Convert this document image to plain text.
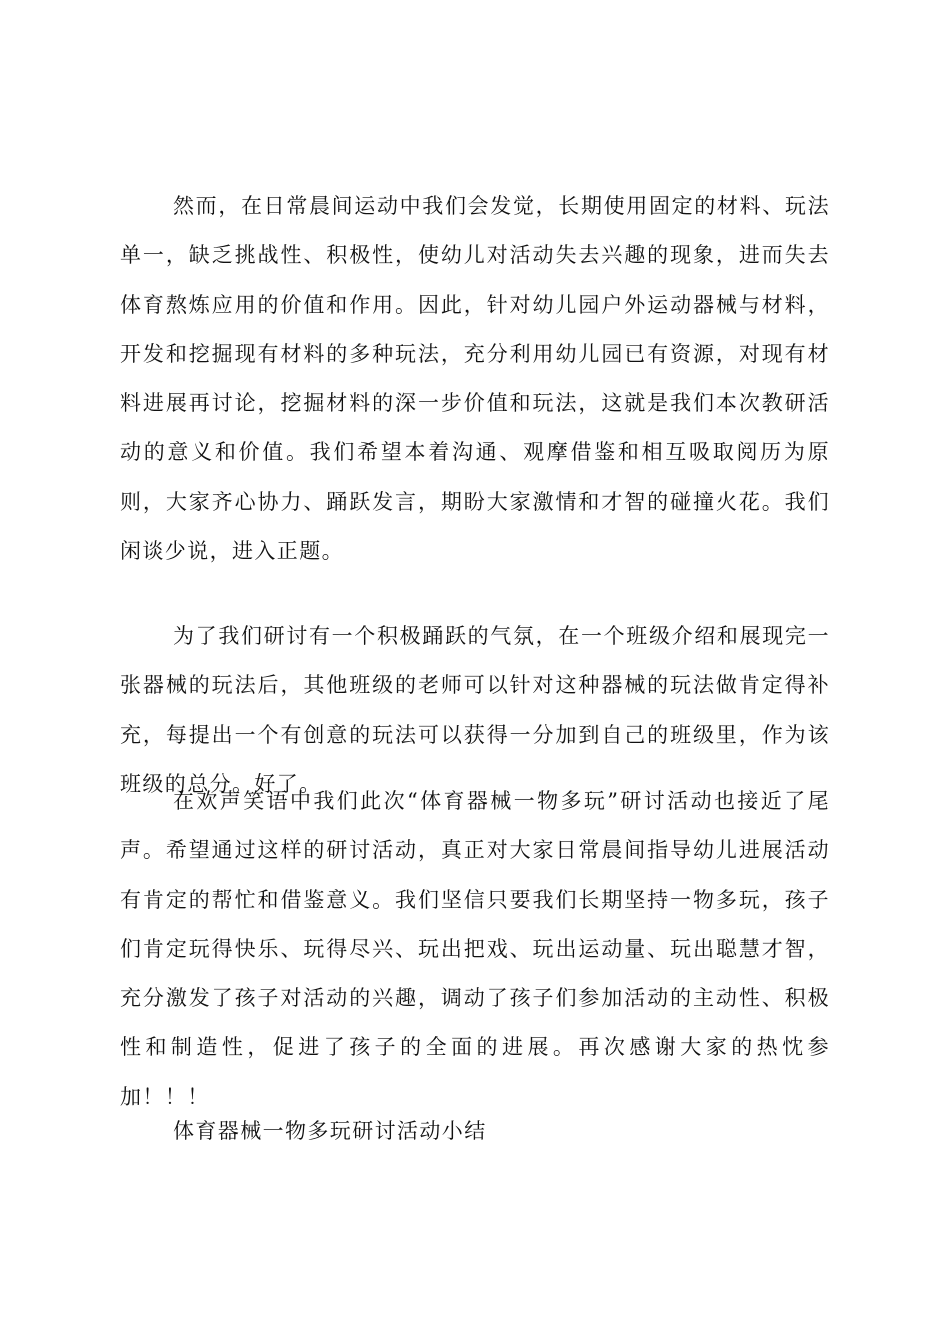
然而，在日常晨间运动中我们会发觉，长期使用固定的材料、玩法
单一，缺乏挑战性、积极性，使幼儿对活动失去兴趣的现象，进而失去
体育熬炼应用的价值和作用。因此，针对幼儿园户外运动器械与材料，
开发和挖掘现有材料的多种玩法，充分利用幼儿园已有资源，对现有材
料进展再讨论，挖掘材料的深一步价值和玩法，这就是我们本次教研活
动的意义和价值。我们希望本着沟通、观摩借鉴和相互吸取阅历为原
则，大家齐心协力、踊跃发言，期盼大家激情和才智的碰撞火花。我们
闲谈少说，进入正题。
为了我们研讨有一个积极踊跃的气氛，在一个班级介绍和展现完一
张器械的玩法后，其他班级的老师可以针对这种器械的玩法做肯定得补
充，每提出一个有创意的玩法可以获得一分加到自己的班级里，作为该
班级的总分。好了。
在欢声笑语中我们此次“体育器械一物多玩”研讨活动也接近了尾
声。希望通过这样的研讨活动，真正对大家日常晨间指导幼儿进展活动
有肯定的帮忙和借鉴意义。我们坚信只要我们长期坚持一物多玩，孩子
们肯定玩得快乐、玩得尽兴、玩出把戏、玩出运动量、玩出聪慧才智，
充分激发了孩子对活动的兴趣，调动了孩子们参加活动的主动性、积极
性和制造性，促进了孩子的全面的进展。再次感谢大家的热忱参
加！！！
体育器械一物多玩研讨活动小结
